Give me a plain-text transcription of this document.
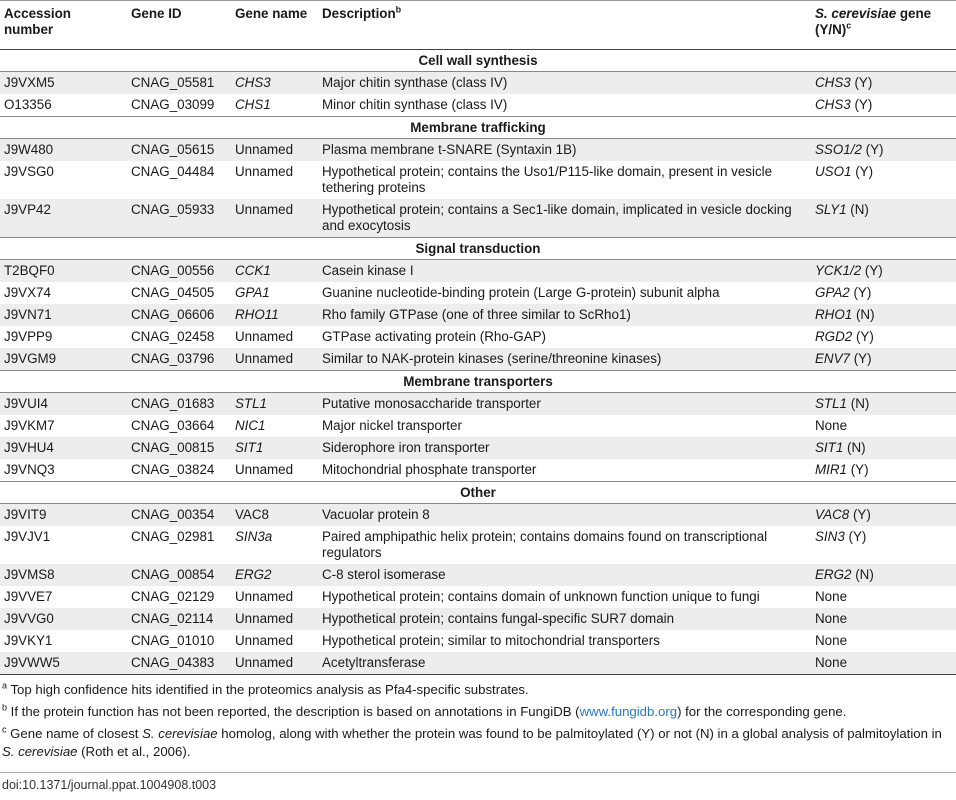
Accession number	Gene ID	Gene name	Description$^b$	S. cerevisiae gene $(Y/N)^c$
Cell wall synthesis				
J9VXM5	CNAG_05581	CHS3	Major chitin synthase (class IV)	CHS3 (Y)
O13356	CNAG_03099	CHS1	Minor chitin synthase (class IV)	CHS3 (Y)
Membrane trafficking				
J9W480	CNAG_05615	Unnamed	Plasma membrane t-SNARE (Syntaxin 1B)	SSO1/2 (Y)
J9VSG0	CNAG_04484	Unnamed	Hypothetical protein; contains the Uso1/P115-like domain, present in vesicle tethering proteins	USO1 (Y)
J9VP42	CNAG_05933	Unnamed	Hypothetical protein; contains a Sec1-like domain, implicated in vesicle docking and exocytosis	SLY1 (N)
Signal transduction				
T2BQF0	CNAG_00556	CCK1	Casein kinase I	YCK1/2 (Y)
J9VX74	CNAG_04505	GPA1	Guanine nucleotide-binding protein (Large G-protein) subunit alpha	GPA2 (Y)
J9VN71	CNAG_06606	RHO11	Rho family GTPase (one of three similar to ScRho1)	RHO1 (N)
J9VPP9	CNAG_02458	Unnamed	GTPase activating protein (Rho-GAP)	RGD2 (Y)
J9VGM9	CNAG_03796	Unnamed	Similar to NAK-protein kinases (serine/threonine kinases)	ENV7 (Y)
Membrane transporters				
J9VUI4	CNAG_01683	STL1	Putative monosaccharide transporter	STL1 (N)
J9VKM7	CNAG_03664	NIC1	Major nickel transporter	None
J9VHU4	CNAG_00815	SIT1	Siderophore iron transporter	SIT1 (N)
J9VNQ3	CNAG_03824	Unnamed	Mitochondrial phosphate transporter	MIR1 (Y)
Other				
J9VIT9	CNAG_00354	VAC8	Vacuolar protein 8	VAC8 (Y)
J9VJV1	CNAG_02981	SIN3a	Paired amphipathic helix protein; contains domains found on transcriptional regulators	SIN3 (Y)
J9VMS8	CNAG_00854	ERG2	C-8 sterol isomerase	ERG2 (N)
J9VVE7	CNAG_02129	Unnamed	Hypothetical protein; contains domain of unknown function unique to fungi	None
J9VVG0	CNAG_02114	Unnamed	Hypothetical protein; contains fungal-specific SUR7 domain	None
J9VKY1	CNAG_01010	Unnamed	Hypothetical protein; similar to mitochondrial transporters	None
J9VWW5	CNAG_04383	Unnamed	Acetyltransferase	None

$^a$ Top high confidence hits identified in the proteomics analysis as Pfa4-specific substrates.

$^b$ If the protein function has not been reported, the description is based on annotations in FungiDB (www.fungidb.org) for the corresponding gene.

$^c$ Gene name of closest S. cerevisiae homolog, along with whether the protein was found to be palmitoylated (Y) or not (N) in a global analysis of palmitoylation in S. cerevisiae (Roth et al., 2006).

doi:10.1371/journal.ppat.1004908.t003
